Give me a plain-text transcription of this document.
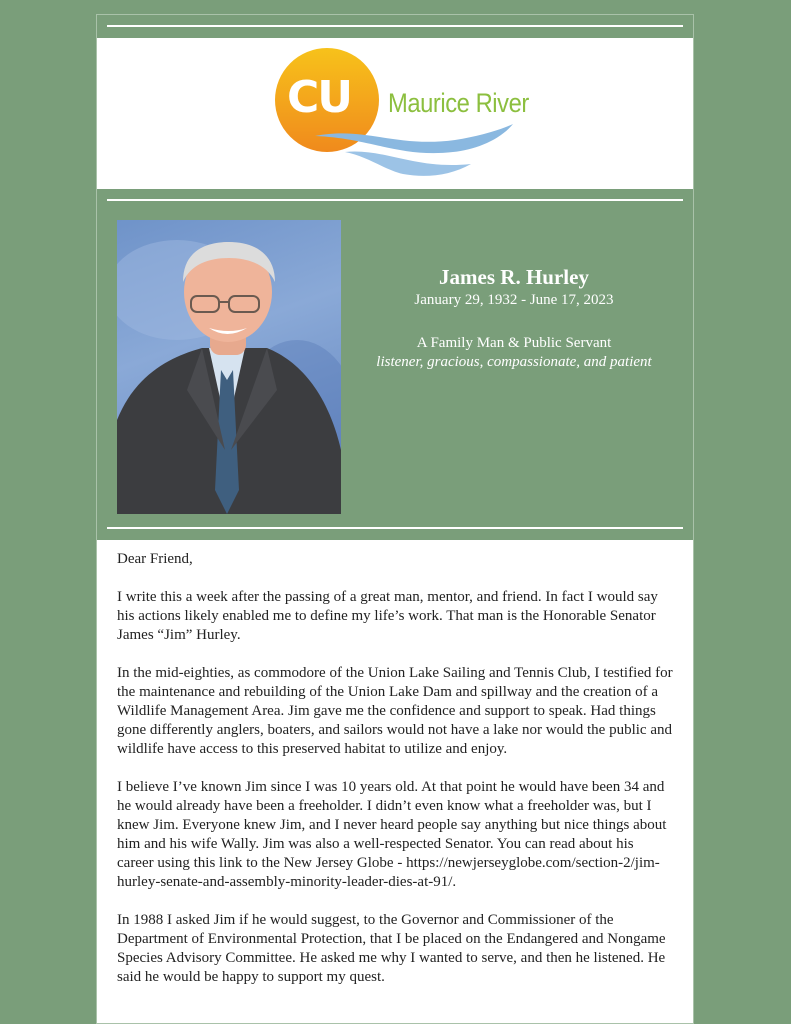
CU Maurice River
James R. Hurley
January 29, 1932 - June 17, 2023
A Family Man & Public Servant
listener, gracious, compassionate, and patient

Dear Friend,

I write this a week after the passing of a great man, mentor, and friend. In fact I would say his actions likely enabled me to define my life’s work. That man is the Honorable Senator James “Jim” Hurley.

In the mid-eighties, as commodore of the Union Lake Sailing and Tennis Club, I testified for the maintenance and rebuilding of the Union Lake Dam and spillway and the creation of a Wildlife Management Area. Jim gave me the confidence and support to speak. Had things gone differently anglers, boaters, and sailors would not have a lake nor would the public and wildlife have access to this preserved habitat to utilize and enjoy.

I believe I’ve known Jim since I was 10 years old. At that point he would have been 34 and he would already have been a freeholder. I didn’t even know what a freeholder was, but I knew Jim. Everyone knew Jim, and I never heard people say anything but nice things about him and his wife Wally. Jim was also a well-respected Senator. You can read about his career using this link to the New Jersey Globe - https://newjerseyglobe.com/section-2/jim-hurley-senate-and-assembly-minority-leader-dies-at-91/.

In 1988 I asked Jim if he would suggest, to the Governor and Commissioner of the Department of Environmental Protection, that I be placed on the Endangered and Nongame Species Advisory Committee. He asked me why I wanted to serve, and then he listened. He said he would be happy to support my quest.
